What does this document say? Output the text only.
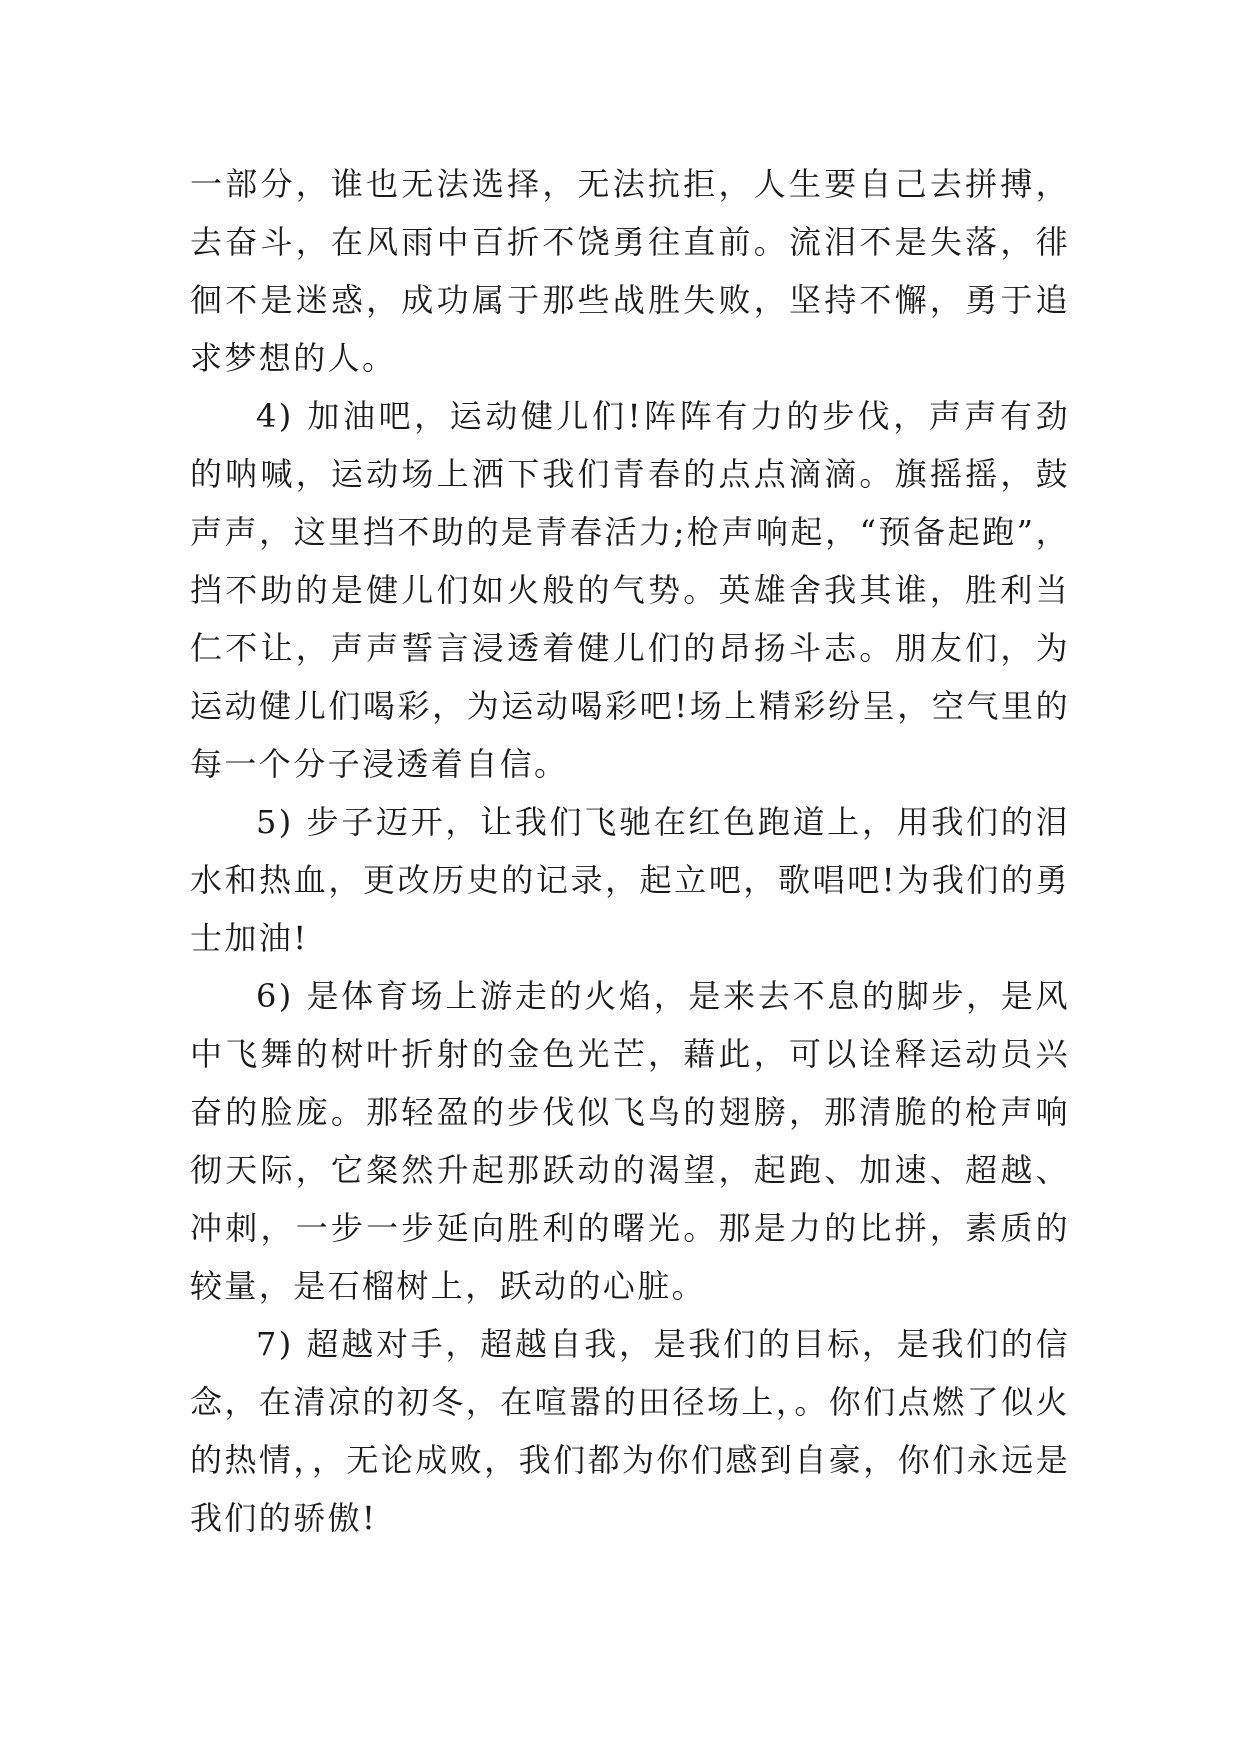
一部分，谁也无法选择，无法抗拒，人生要自己去拼搏，去奋斗，在风雨中百折不饶勇往直前。流泪不是失落，徘徊不是迷惑，成功属于那些战胜失败，坚持不懈，勇于追求梦想的人。

4) 加油吧，运动健儿们!阵阵有力的步伐，声声有劲的呐喊，运动场上洒下我们青春的点点滴滴。旗摇摇，鼓声声，这里挡不助的是青春活力;枪声响起，“预备起跑”，挡不助的是健儿们如火般的气势。英雄舍我其谁，胜利当仁不让，声声誓言浸透着健儿们的昂扬斗志。朋友们，为运动健儿们喝彩，为运动喝彩吧!场上精彩纷呈，空气里的每一个分子浸透着自信。

5) 步子迈开，让我们飞驰在红色跑道上，用我们的泪水和热血，更改历史的记录，起立吧，歌唱吧!为我们的勇士加油!

6) 是体育场上游走的火焰，是来去不息的脚步，是风中飞舞的树叶折射的金色光芒，藉此，可以诠释运动员兴奋的脸庞。那轻盈的步伐似飞鸟的翅膀，那清脆的枪声响彻天际，它粲然升起那跃动的渴望，起跑、加速、超越、冲刺，一步一步延向胜利的曙光。那是力的比拼，素质的较量，是石榴树上，跃动的心脏。

7) 超越对手，超越自我，是我们的目标，是我们的信念，在清凉的初冬，在喧嚣的田径场上，。你们点燃了似火的热情，，无论成败，我们都为你们感到自豪，你们永远是我们的骄傲!
